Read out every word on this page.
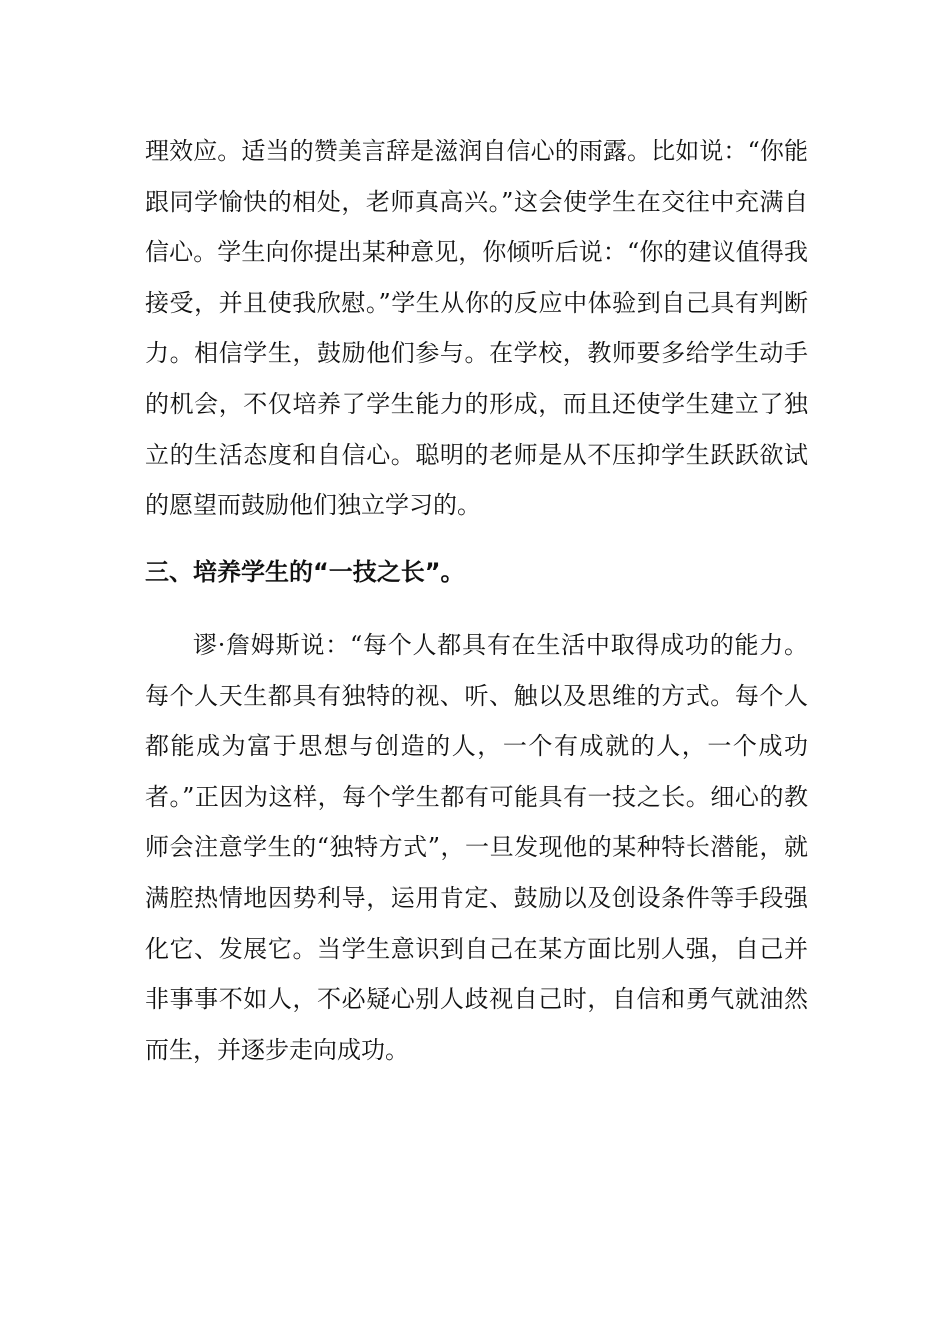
理效应。适当的赞美言辞是滋润自信心的雨露。比如说：“你能跟同学愉快的相处，老师真高兴。”这会使学生在交往中充满自信心。学生向你提出某种意见，你倾听后说：“你的建议值得我接受，并且使我欣慰。”学生从你的反应中体验到自己具有判断力。相信学生，鼓励他们参与。在学校，教师要多给学生动手的机会，不仅培养了学生能力的形成，而且还使学生建立了独立的生活态度和自信心。聪明的老师是从不压抑学生跃跃欲试的愿望而鼓励他们独立学习的。

三、培养学生的“一技之长”。

谬·詹姆斯说：“每个人都具有在生活中取得成功的能力。每个人天生都具有独特的视、听、触以及思维的方式。每个人都能成为富于思想与创造的人，一个有成就的人，一个成功者。”正因为这样，每个学生都有可能具有一技之长。细心的教师会注意学生的“独特方式”，一旦发现他的某种特长潜能，就满腔热情地因势利导，运用肯定、鼓励以及创设条件等手段强化它、发展它。当学生意识到自己在某方面比别人强，自己并非事事不如人，不必疑心别人歧视自己时，自信和勇气就油然而生，并逐步走向成功。
